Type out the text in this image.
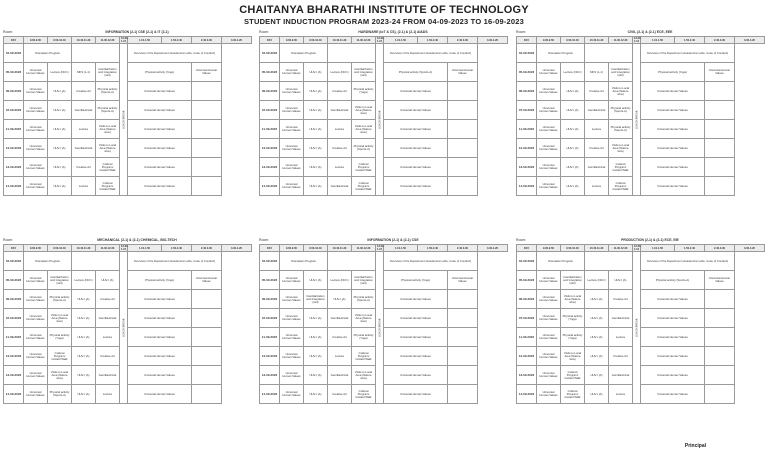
CHAITANYA BHARATHI INSTITUTE OF TECHNOLOGY
STUDENT INDUCTION PROGRAM 2023-24 FROM 04-09-2023 TO 16-09-2023
Room:	INFORMATION (2-1) CSE (2-1) & IT (2-1)
DAY	9.00-9.50	9.50-10.40	10.40-11.30	11.30-12.20	12.20-1.10	1.10-1.50	1.50-2.40	2.40-3.30	3.30-4.20
04-09-2023	Orientation Program				LUNCH BREAK	Overview of the Department (Academics/ Labs, Code of Conduct)			
05-09-2023	Universal Human Values	Lecture (NCC)	MKS (L-1)	Familiarization and Integration (slot)		Physical activity (Yoga)		Universal Human Values	
06-09-2023	Universal Human Values	UHV-I (A)	Creative Art	Physical activity (Sports-A)		Universal Human Values			
07-09-2023	Universal Human Values	UHV-I (A)	Gen/Electrical	Physical activity (Sports-A)		Universal Human Values			
11-09-2023	Universal Human Values	UHV-I (A)	Lecture	Visits to Local Area (Nature view)		Universal Human Values			
12-09-2023	Universal Human Values	UHV-I (A)	Gen/Electrical	Visits to Local Area (Nature view)		Universal Human Values			
13-09-2023	Universal Human Values	UHV-I (A)	Creative Art	Cultural Program/ Guided Walk		Universal Human Values			
14-09-2023	Universal Human Values	UHV-I (A)	Lecture	Cultural Program/ Guided Walk		Universal Human Values			
Room:	HARDWARE (IoT & CS), (2-1) & (2-1) AI&DS
DAY	9.00-9.50	9.50-10.40	10.40-11.30	11.30-12.20	12.20-1.10	1.10-1.50	1.50-2.40	2.40-3.30	3.30-4.20
04-09-2023	Orientation Program				LUNCH BREAK	Overview of the Department (Academics/ Labs, Code of Conduct)			
05-09-2023	Universal Human Values	UHV-I (A)	Lecture (NCC)	Familiarization and Integration (slot)		Physical activity (Sports-A)		Universal Human Values	
06-09-2023	Universal Human Values	UHV-I (A)	Creative Art	Physical activity (Yoga)		Universal Human Values			
07-09-2023	Universal Human Values	UHV-I (A)	Gen/Electrical	Visits to Local Area (Nature view)		Universal Human Values			
11-09-2023	Universal Human Values	UHV-I (A)	Lecture	Visits to Local Area (Nature view)		Universal Human Values			
12-09-2023	Universal Human Values	UHV-I (A)	Creative Art	Physical activity (Sports-A)		Universal Human Values			
13-09-2023	Universal Human Values	UHV-I (A)	Lecture	Cultural Program/ Guided Walk		Universal Human Values			
14-09-2023	Universal Human Values	UHV-I (A)	Gen/Electrical	Cultural Program/ Guided Walk		Universal Human Values			
Room:	CIVIL (2-1) & (2-1) ECE, EEE
DAY	9.00-9.50	9.50-10.40	10.40-11.30	11.30-12.20	12.20-1.10	1.10-1.50	1.50-2.40	2.40-3.30	3.30-4.20
04-09-2023	Orientation Program				LUNCH BREAK	Overview of the Department (Academics/ Labs, Code of Conduct)			
05-09-2023	Universal Human Values	Lecture (NCC)	MKS (L-1)	Familiarization and Integration (slot)		Physical activity (Yoga)		Universal Human Values	
06-09-2023	Universal Human Values	UHV-I (A)	Creative Art	Visits to Local Area (Nature view)		Universal Human Values			
07-09-2023	Universal Human Values	UHV-I (A)	Gen/Electrical	Physical activity (Sports-A)		Universal Human Values			
11-09-2023	Universal Human Values	UHV-I (A)	Lecture	Physical activity (Sports-A)		Universal Human Values			
12-09-2023	Universal Human Values	UHV-I (A)	Creative Art	Visits to Local Area (Nature view)		Universal Human Values			
13-09-2023	Universal Human Values	UHV-I (A)	Gen/Electrical	Cultural Program/ Guided Walk		Universal Human Values			
14-09-2023	Universal Human Values	UHV-I (A)	Lecture	Cultural Program/ Guided Walk		Universal Human Values			
Room:	MECHANICAL (2-1) & (2-1) CHEMICAL, BIO-TECH
DAY	9.00-9.50	9.50-10.40	10.40-11.30	11.30-12.20	12.20-1.10	1.10-1.50	1.50-2.40	2.40-3.30	3.30-4.20
04-09-2023	Orientation Program				LUNCH BREAK	Overview of the Department (Academics/ Labs, Code of Conduct)			
05-09-2023	Universal Human Values	Familiarization and Integration (slot)	Lecture (NCC)	UHV-I (A)		Physical activity (Yoga)		Universal Human Values	
06-09-2023	Universal Human Values	Physical activity (Sports-A)	UHV-I (A)	Creative Art		Universal Human Values			
07-09-2023	Universal Human Values	Visits to Local Area (Nature view)	UHV-I (A)	Gen/Electrical		Universal Human Values			
11-09-2023	Universal Human Values	Physical activity (Yoga)	UHV-I (A)	Lecture		Universal Human Values			
12-09-2023	Universal Human Values	Cultural Program/ Guided Walk	UHV-I (A)	Creative Art		Universal Human Values			
13-09-2023	Universal Human Values	Visits to Local Area (Nature view)	UHV-I (A)	Gen/Electrical		Universal Human Values			
14-09-2023	Universal Human Values	Physical activity (Sports-A)	UHV-I (A)	Lecture		Universal Human Values			
Room:	INFORMATION (2-1) & (2-1) CSE
DAY	9.00-9.50	9.50-10.40	10.40-11.30	11.30-12.20	12.20-1.10	1.10-1.50	1.50-2.40	2.40-3.30	3.30-4.20
04-09-2023	Orientation Program				LUNCH BREAK	Overview of the Department (Academics/ Labs, Code of Conduct)			
05-09-2023	Universal Human Values	UHV-I (A)	Lecture (NCC)	Familiarization and Integration (slot)		Physical activity (Yoga)		Universal Human Values	
06-09-2023	Universal Human Values	Familiarization and Integration (slot)	UHV-I (A)	Physical activity (Sports-A)		Universal Human Values			
07-09-2023	Universal Human Values	UHV-I (A)	Gen/Electrical	Visits to Local Area (Nature view)		Universal Human Values			
11-09-2023	Universal Human Values	UHV-I (A)	Creative Art	Physical activity (Yoga)		Universal Human Values			
12-09-2023	Universal Human Values	UHV-I (A)	Lecture	Cultural Program/ Guided Walk		Universal Human Values			
13-09-2023	Universal Human Values	UHV-I (A)	Gen/Electrical	Visits to Local Area (Nature view)		Universal Human Values			
14-09-2023	Universal Human Values	UHV-I (A)	Creative Art	Cultural Program/ Guided Walk		Universal Human Values			
Room:	PRODUCTION (2-1) & (2-1) ECE, EIE
DAY	9.00-9.50	9.50-10.40	10.40-11.30	11.30-12.20	12.20-1.10	1.10-1.50	1.50-2.40	2.40-3.30	3.30-4.20
04-09-2023	Orientation Program				LUNCH BREAK	Overview of the Department (Academics/ Labs, Code of Conduct)			
05-09-2023	Universal Human Values	Familiarization and Integration (slot)	Lecture (NCC)	UHV-I (A)		Physical activity (Sports-A)		Universal Human Values	
06-09-2023	Universal Human Values	Visits to Local Area (Nature view)	UHV-I (A)	Creative Art		Universal Human Values			
07-09-2023	Universal Human Values	Physical activity (Yoga)	UHV-I (A)	Gen/Electrical		Universal Human Values			
11-09-2023	Universal Human Values	Physical activity (Yoga)	UHV-I (A)	Lecture		Universal Human Values			
12-09-2023	Universal Human Values	Visits to Local Area (Nature view)	UHV-I (A)	Creative Art		Universal Human Values			
13-09-2023	Universal Human Values	Cultural Program/ Guided Walk	UHV-I (A)	Gen/Electrical		Universal Human Values			
14-09-2023	Universal Human Values	Cultural Program/ Guided Walk	UHV-I (A)	Lecture		Universal Human Values			
Principal
